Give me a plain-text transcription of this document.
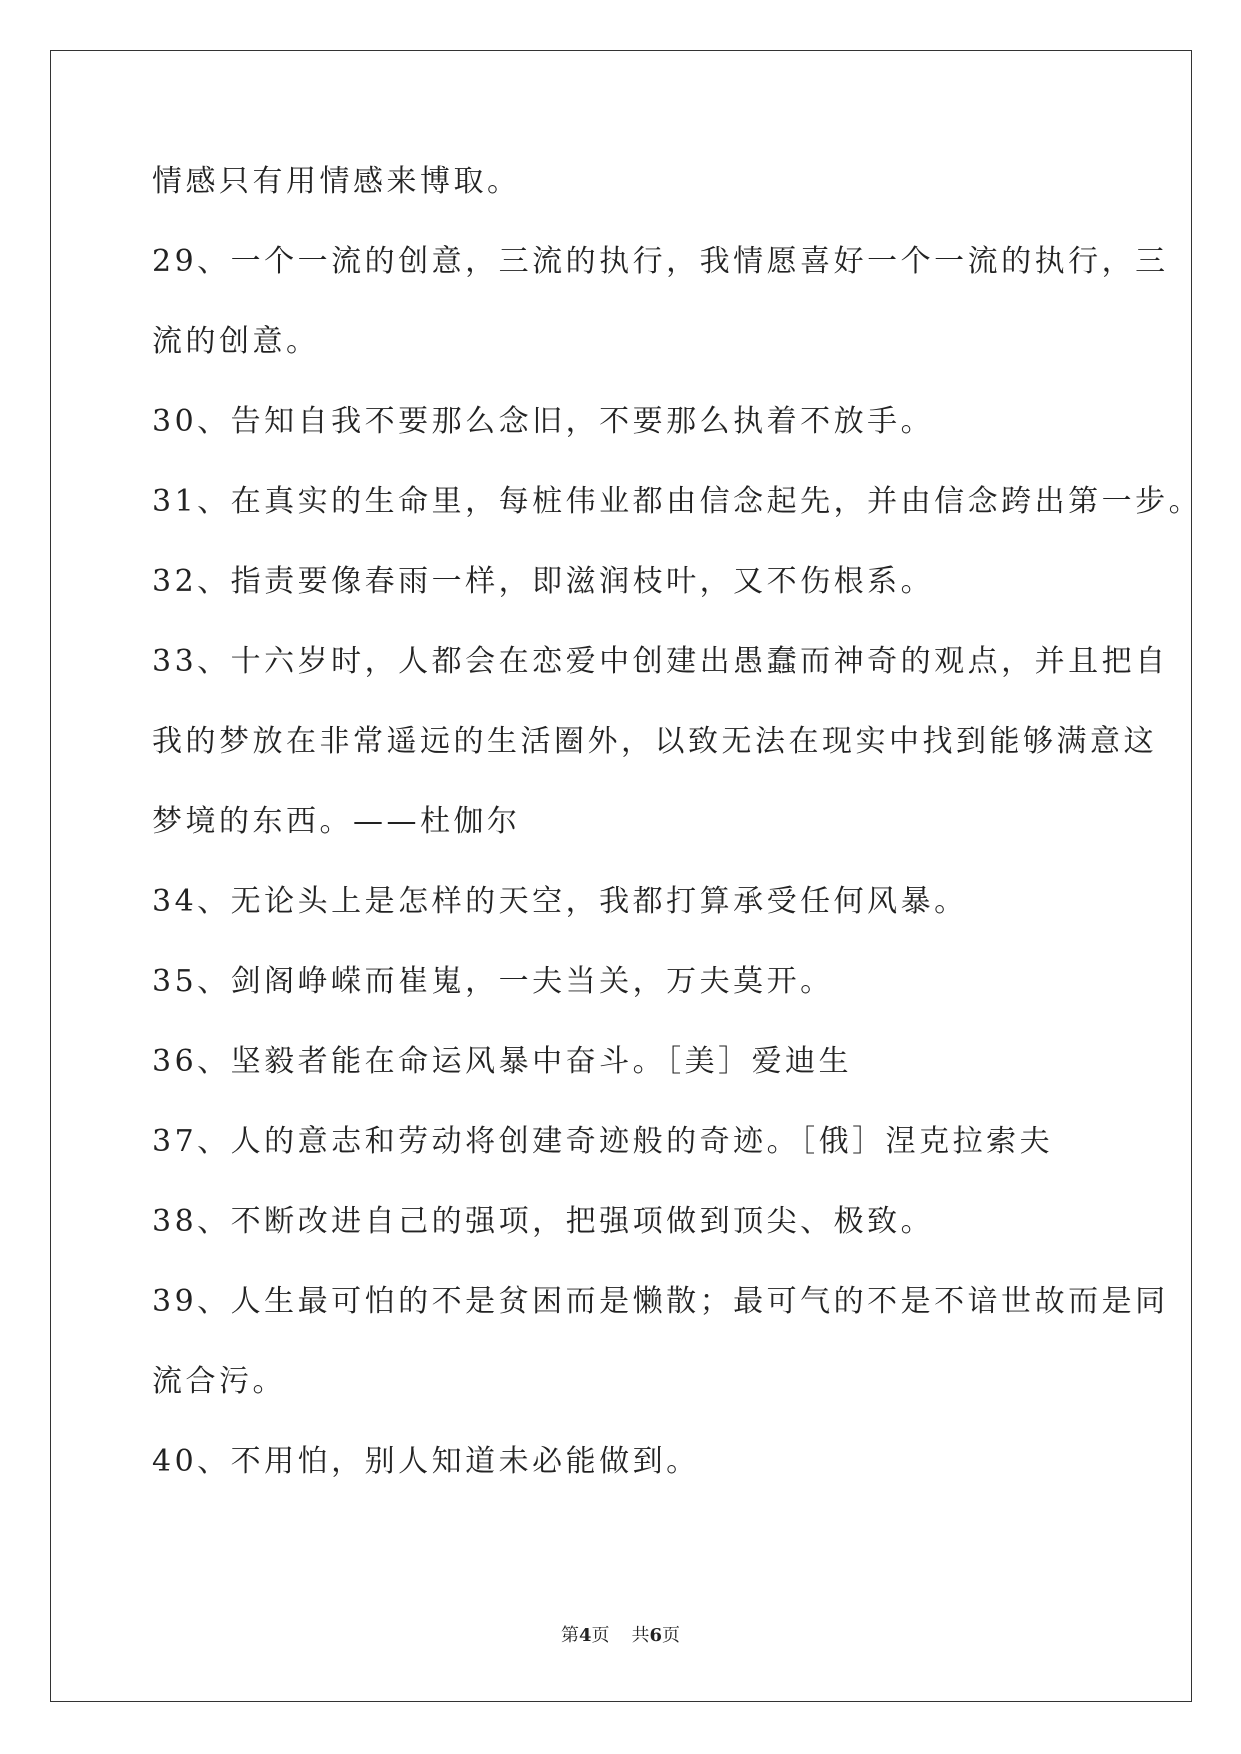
情感只有用情感来博取。
29、一个一流的创意，三流的执行，我情愿喜好一个一流的执行，三
流的创意。
30、告知自我不要那么念旧，不要那么执着不放手。
31、在真实的生命里，每桩伟业都由信念起先，并由信念跨出第一步。
32、指责要像春雨一样，即滋润枝叶，又不伤根系。
33、十六岁时，人都会在恋爱中创建出愚蠢而神奇的观点，并且把自
我的梦放在非常遥远的生活圈外，以致无法在现实中找到能够满意这
梦境的东西。——杜伽尔
34、无论头上是怎样的天空，我都打算承受任何风暴。
35、剑阁峥嵘而崔嵬，一夫当关，万夫莫开。
36、坚毅者能在命运风暴中奋斗。［美］爱迪生
37、人的意志和劳动将创建奇迹般的奇迹。［俄］涅克拉索夫
38、不断改进自己的强项，把强项做到顶尖、极致。
39、人生最可怕的不是贫困而是懒散；最可气的不是不谙世故而是同
流合污。
40、不用怕，别人知道未必能做到。
第4页 共6页
